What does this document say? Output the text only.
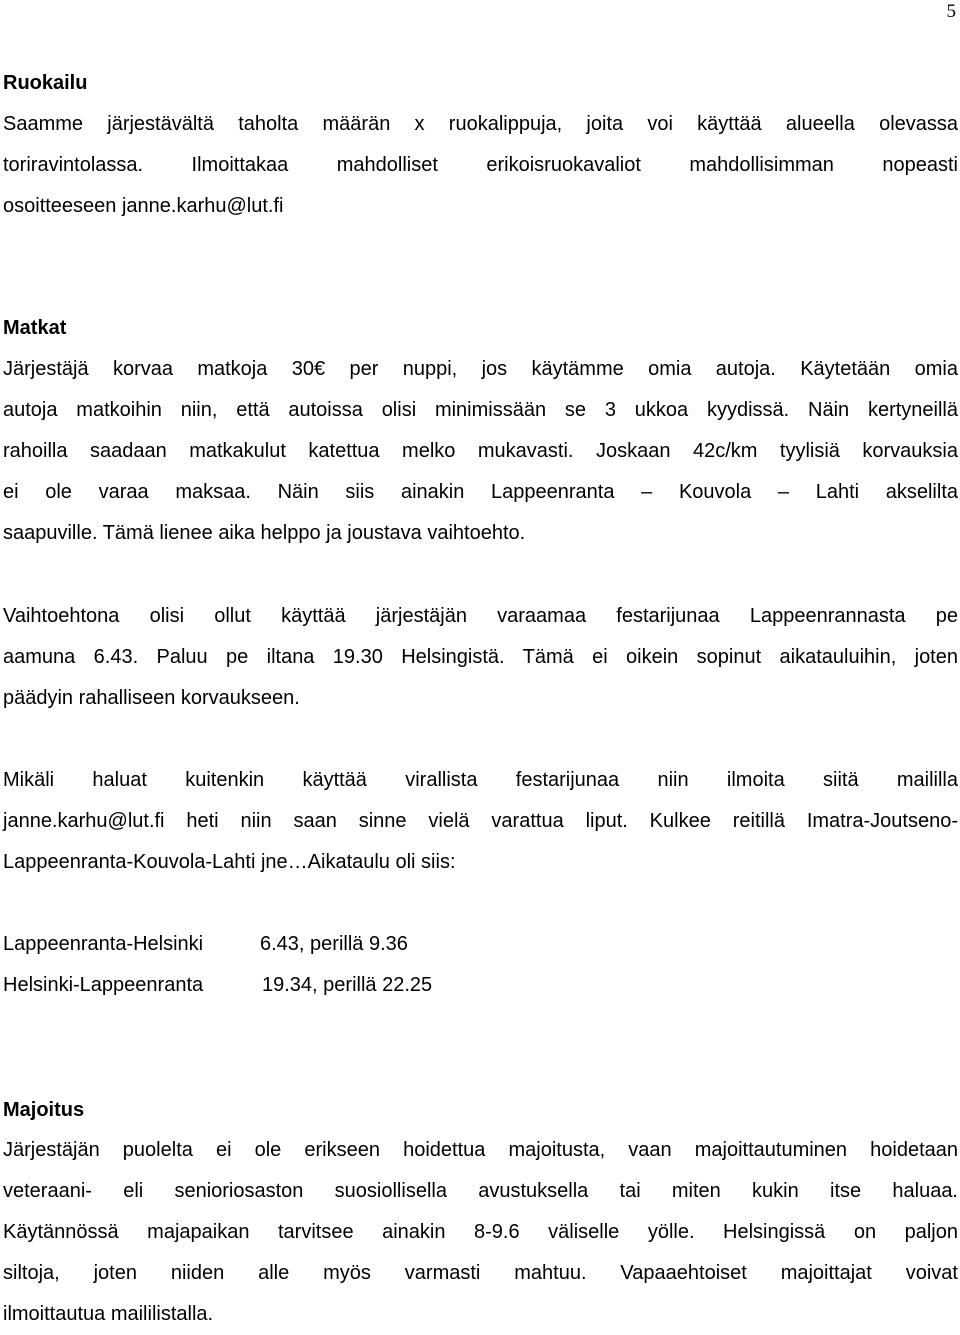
5
Ruokailu

Saamme järjestävältä taholta määrän x ruokalippuja, joita voi käyttää alueella olevassa
toriravintolassa. Ilmoittakaa mahdolliset erikoisruokavaliot mahdollisimman nopeasti
osoitteeseen janne.karhu@lut.fi

Matkat

Järjestäjä korvaa matkoja 30€ per nuppi, jos käytämme omia autoja. Käytetään omia
autoja matkoihin niin, että autoissa olisi minimissään se 3 ukkoa kyydissä. Näin kertyneillä
rahoilla saadaan matkakulut katettua melko mukavasti. Joskaan 42c/km tyylisiä korvauksia
ei ole varaa maksaa. Näin siis ainakin Lappeenranta – Kouvola – Lahti akselilta
saapuville. Tämä lienee aika helppo ja joustava vaihtoehto.

Vaihtoehtona olisi ollut käyttää järjestäjän varaamaa festarijunaa Lappeenrannasta pe
aamuna 6.43. Paluu pe iltana 19.30 Helsingistä. Tämä ei oikein sopinut aikatauluihin, joten
päädyin rahalliseen korvaukseen.

Mikäli haluat kuitenkin käyttää virallista festarijunaa niin ilmoita siitä maililla
janne.karhu@lut.fi heti niin saan sinne vielä varattua liput. Kulkee reitillä Imatra-Joutseno-
Lappeenranta-Kouvola-Lahti jne…Aikataulu oli siis:

Lappeenranta-Helsinki	6.43, perillä 9.36
Helsinki-Lappeenranta	19.34, perillä 22.25
Majoitus

Järjestäjän puolelta ei ole erikseen hoidettua majoitusta, vaan majoittautuminen hoidetaan
veteraani- eli senioriosaston suosiollisella avustuksella tai miten kukin itse haluaa.
Käytännössä majapaikan tarvitsee ainakin 8-9.6 väliselle yölle. Helsingissä on paljon
siltoja, joten niiden alle myös varmasti mahtuu. Vapaaehtoiset majoittajat voivat
ilmoittautua maililistalla.
